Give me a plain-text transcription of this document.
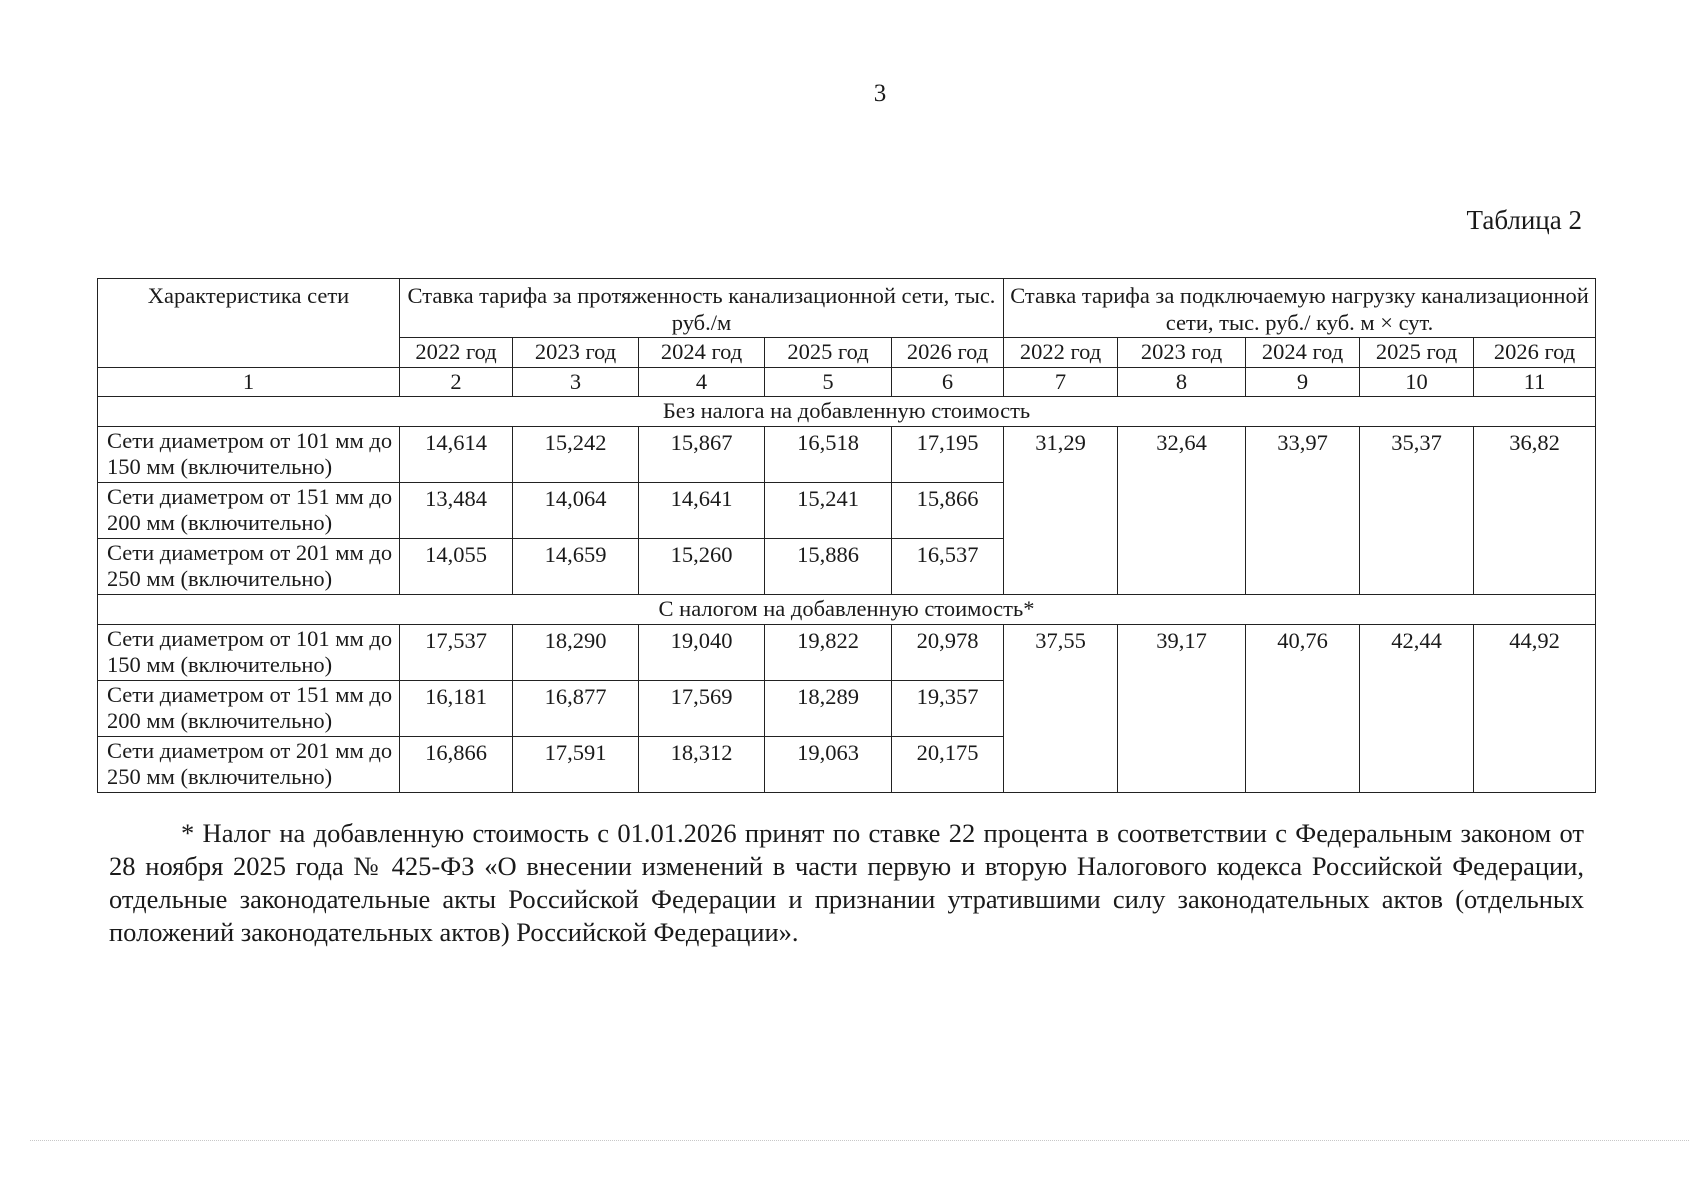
3
Таблица 2
Характеристика сети	Ставка тарифа за протяженность канализационной сети, тыс. руб./м					Ставка тарифа за подключаемую нагрузку канализационной сети, тыс. руб./ куб. м × сут.				
	2022 год	2023 год	2024 год	2025 год	2026 год	2022 год	2023 год	2024 год	2025 год	2026 год
1	2	3	4	5	6	7	8	9	10	11
Без налога на добавленную стоимость										
Сети диаметром от 101 мм до 150 мм (включительно)	14,614	15,242	15,867	16,518	17,195	31,29	32,64	33,97	35,37	36,82
Сети диаметром от 151 мм до 200 мм (включительно)	13,484	14,064	14,641	15,241	15,866					
Сети диаметром от 201 мм до 250 мм (включительно)	14,055	14,659	15,260	15,886	16,537					
С налогом на добавленную стоимость*										
Сети диаметром от 101 мм до 150 мм (включительно)	17,537	18,290	19,040	19,822	20,978	37,55	39,17	40,76	42,44	44,92
Сети диаметром от 151 мм до 200 мм (включительно)	16,181	16,877	17,569	18,289	19,357					
Сети диаметром от 201 мм до 250 мм (включительно)	16,866	17,591	18,312	19,063	20,175					

* Налог на добавленную стоимость с 01.01.2026 принят по ставке 22 процента в соответствии с Федеральным законом от 28 ноября 2025 года № 425-ФЗ «О внесении изменений в части первую и вторую Налогового кодекса Российской Федерации, отдельные законодательные акты Российской Федерации и признании утратившими силу законодательных актов (отдельных положений законодательных актов) Российской Федерации».
